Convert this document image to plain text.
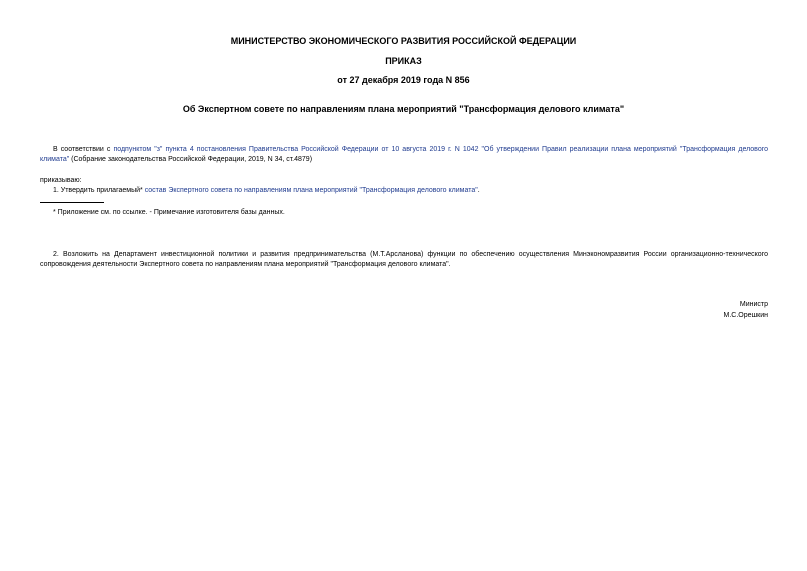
МИНИСТЕРСТВО ЭКОНОМИЧЕСКОГО РАЗВИТИЯ РОССИЙСКОЙ ФЕДЕРАЦИИ
ПРИКАЗ
от 27 декабря 2019 года N 856
Об Экспертном совете по направлениям плана мероприятий "Трансформация делового климата"
В соответствии с подпунктом "з" пункта 4 постановления Правительства Российской Федерации от 10 августа 2019 г. N 1042 "Об утверждении Правил реализации плана мероприятий "Трансформация делового климата" (Собрание законодательства Российской Федерации, 2019, N 34, ст.4879)
приказываю:
1. Утвердить прилагаемый* состав Экспертного совета по направлениям плана мероприятий "Трансформация делового климата".
* Приложение см. по ссылке. - Примечание изготовителя базы данных.
2. Возложить на Департамент инвестиционной политики и развития предпринимательства (М.Т.Арсланова) функции по обеспечению осуществления Минэкономразвития России организационно-технического сопровождения деятельности Экспертного совета по направлениям плана мероприятий "Трансформация делового климата".
Министр
М.С.Орешкин
